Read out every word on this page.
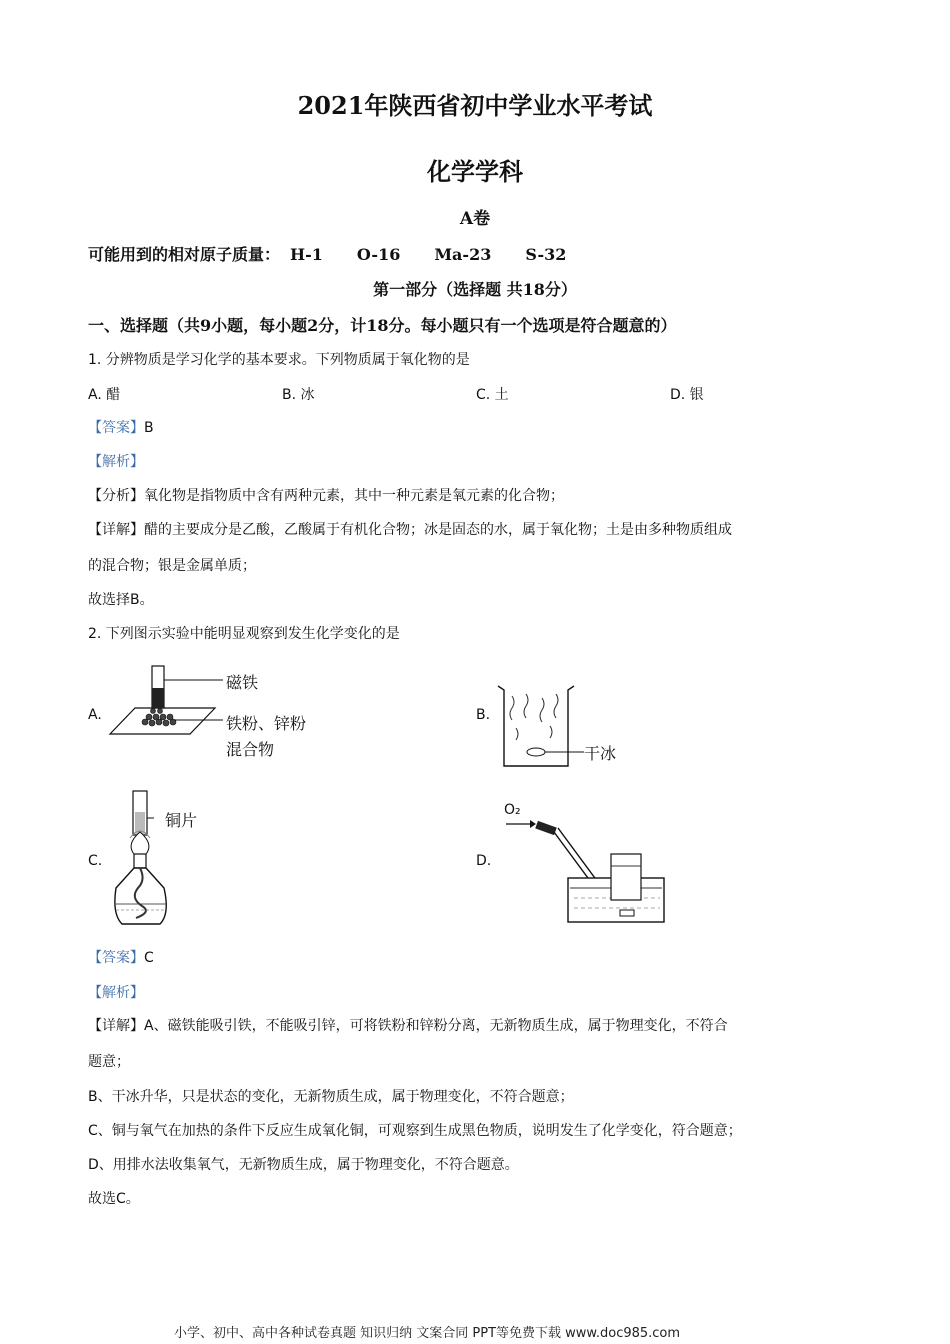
2021年陕西省初中学业水平考试
化学学科
A卷
可能用到的相对原子质量： H-1 O-16 Ma-23 S-32
第一部分（选择题 共18分）
一、选择题（共9小题，每小题2分，计18分。每小题只有一个选项是符合题意的）
1. 分辨物质是学习化学的基本要求。下列物质属于氧化物的是
A. 醋	B. 冰	C. 土	D. 银
【答案】B
【解析】
【分析】氧化物是指物质中含有两种元素，其中一种元素是氧元素的化合物；
【详解】醋的主要成分是乙酸，乙酸属于有机化合物；冰是固态的水，属于氧化物；土是由多种物质组成
的混合物；银是金属单质；
故选择B。
2. 下列图示实验中能明显观察到发生化学变化的是
A.
磁铁
铁粉、锌粉
混合物
B.
干冰
C.
铜片
D.
O₂
【答案】C
【解析】
【详解】A、磁铁能吸引铁，不能吸引锌，可将铁粉和锌粉分离，无新物质生成，属于物理变化，不符合
题意；
B、干冰升华，只是状态的变化，无新物质生成，属于物理变化，不符合题意；
C、铜与氧气在加热的条件下反应生成氧化铜，可观察到生成黑色物质，说明发生了化学变化，符合题意；
D、用排水法收集氧气，无新物质生成，属于物理变化，不符合题意。
故选C。
小学、初中、高中各种试卷真题 知识归纳 文案合同 PPT等免费下载 www.doc985.com
